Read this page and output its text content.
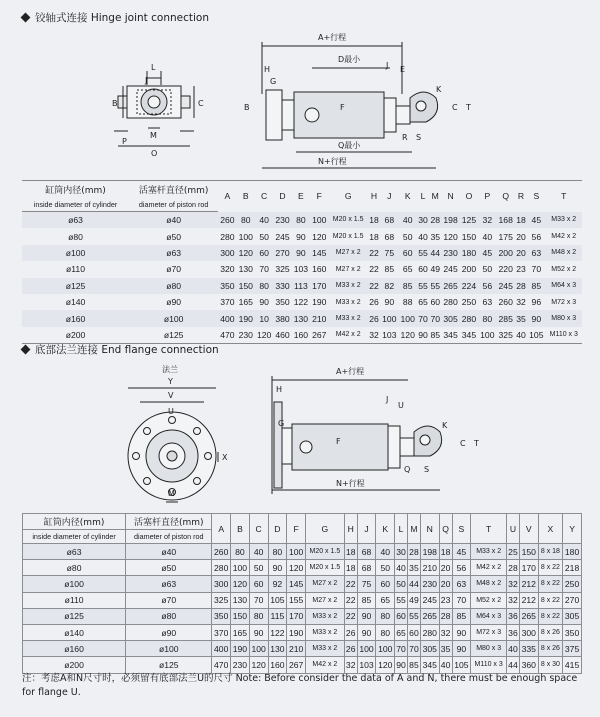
铰轴式连接 Hinge joint connection
L
J
C
B
M
P
O
A+行程
D最小
J E
H
G
K
C T
B	F
R S
Q最小
N+行程
缸筒内径(mm)	活塞杆直径(mm)	A	B	C	D	E	F	G	H	J	K	L	M	N	O	P	Q	R	S	T
inside diameter of cylinder	diameter of piston rod																			
ø63	ø40	260	80	40	230	80	100	M20 x 1.5	18	68	40	30	28	198	125	32	168	18	45	M33 x 2
ø80	ø50	280	100	50	245	90	120	M20 x 1.5	18	68	50	40	35	120	150	40	175	20	56	M42 x 2
ø100	ø63	300	120	60	270	90	145	M27 x 2	22	75	60	55	44	230	180	45	200	20	63	M48 x 2
ø110	ø70	320	130	70	325	103	160	M27 x 2	22	85	65	60	49	245	200	50	220	23	70	M52 x 2
ø125	ø80	350	150	80	330	113	170	M33 x 2	22	82	85	55	55	265	224	56	245	28	85	M64 x 3
ø140	ø90	370	165	90	350	122	190	M33 x 2	26	90	88	65	60	280	250	63	260	32	96	M72 x 3
ø160	ø100	400	190	10	380	130	210	M33 x 2	26	100	100	70	70	305	280	80	285	35	90	M80 x 3
ø200	ø125	470	230	120	460	160	267	M42 x 2	32	103	120	90	85	345	345	100	325	40	105	M110 x 3
底部法兰连接 End flange connection
法兰
Y
V
U
X
M
A+行程
H
J
U
G	K
C T
F
Q S
N+行程
缸筒内径(mm)	活塞杆直径(mm)	A	B	C	D	F	G	H	J	K	L	M	N	Q	S	T	U	V	X	Y
inside diameter of cylinder	diameter of piston rod																			
ø63	ø40	260	80	40	80	100	M20 x 1.5	18	68	40	30	28	198	18	45	M33 x 2	25	150	8 x 18	180
ø80	ø50	280	100	50	90	120	M20 x 1.5	18	68	50	40	35	210	20	56	M42 x 2	28	170	8 x 22	218
ø100	ø63	300	120	60	92	145	M27 x 2	22	75	60	50	44	230	20	63	M48 x 2	32	212	8 x 22	250
ø110	ø70	325	130	70	105	155	M27 x 2	22	85	65	55	49	245	23	70	M52 x 2	32	212	8 x 22	270
ø125	ø80	350	150	80	115	170	M33 x 2	22	90	80	60	55	265	28	85	M64 x 3	36	265	8 x 22	305
ø140	ø90	370	165	90	122	190	M33 x 2	26	90	80	65	60	280	32	90	M72 x 3	36	300	8 x 26	350
ø160	ø100	400	190	100	130	210	M33 x 2	26	100	100	70	70	305	35	90	M80 x 3	40	335	8 x 26	375
ø200	ø125	470	230	120	160	267	M42 x 2	32	103	120	90	85	345	40	105	M110 x 3	44	360	8 x 30	415
注：考虑A和N尺寸时，必须留有底部法兰U的尺寸 Note: Before consider the data of A and N, there must be enough space for flange U.
